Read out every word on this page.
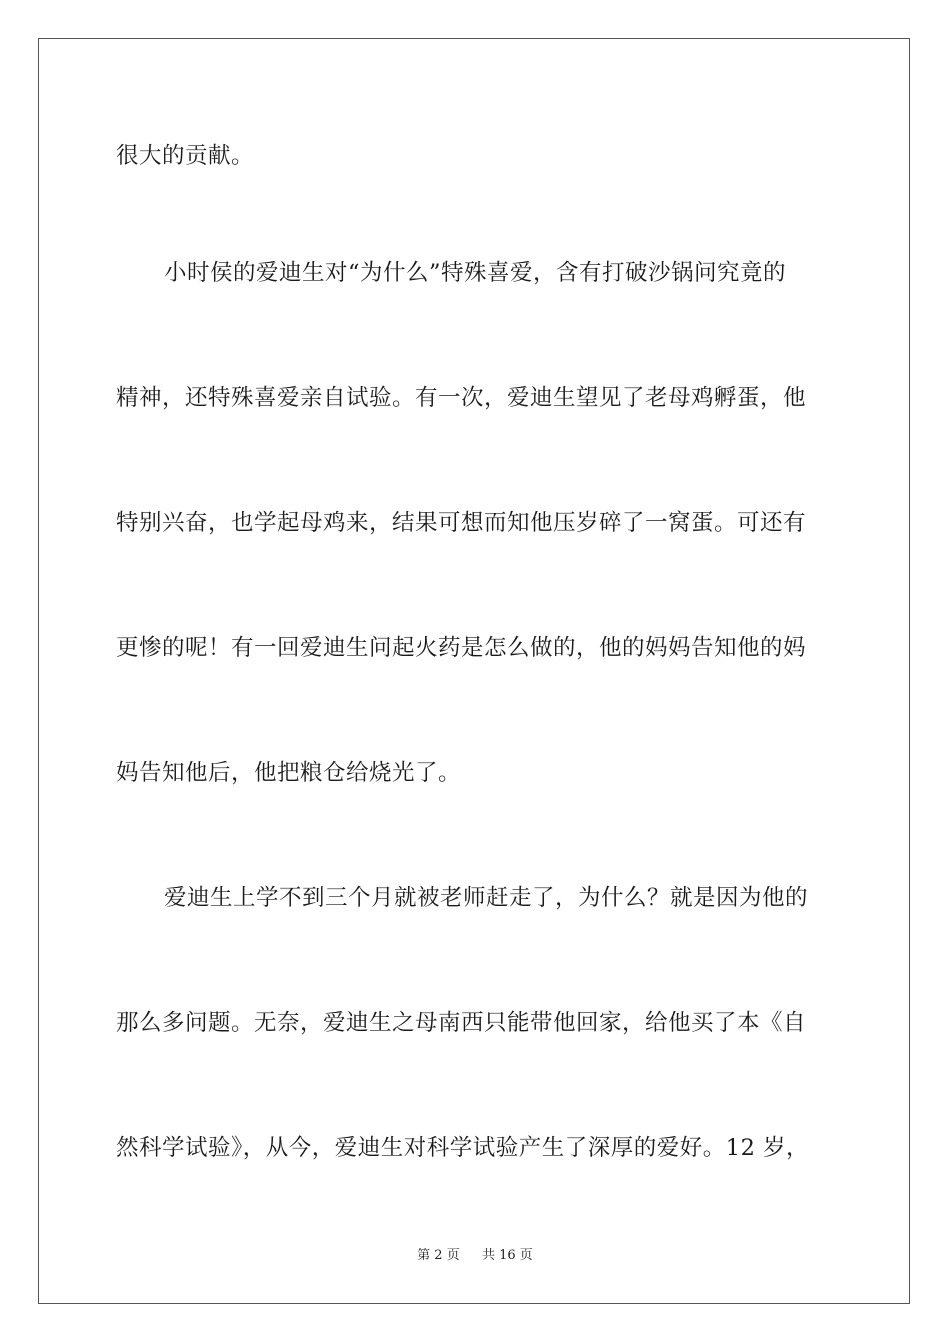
很大的贡献。
小时侯的爱迪生对“为什么”特殊喜爱，含有打破沙锅问究竟的
精神，还特殊喜爱亲自试验。有一次，爱迪生望见了老母鸡孵蛋，他
特别兴奋，也学起母鸡来，结果可想而知他压岁碎了一窝蛋。可还有
更惨的呢！有一回爱迪生问起火药是怎么做的，他的妈妈告知他的妈
妈告知他后，他把粮仓给烧光了。
爱迪生上学不到三个月就被老师赶走了，为什么？就是因为他的
那么多问题。无奈，爱迪生之母南西只能带他回家，给他买了本《自
然科学试验》，从今，爱迪生对科学试验产生了深厚的爱好。12 岁，
第 2 页 共 16 页
